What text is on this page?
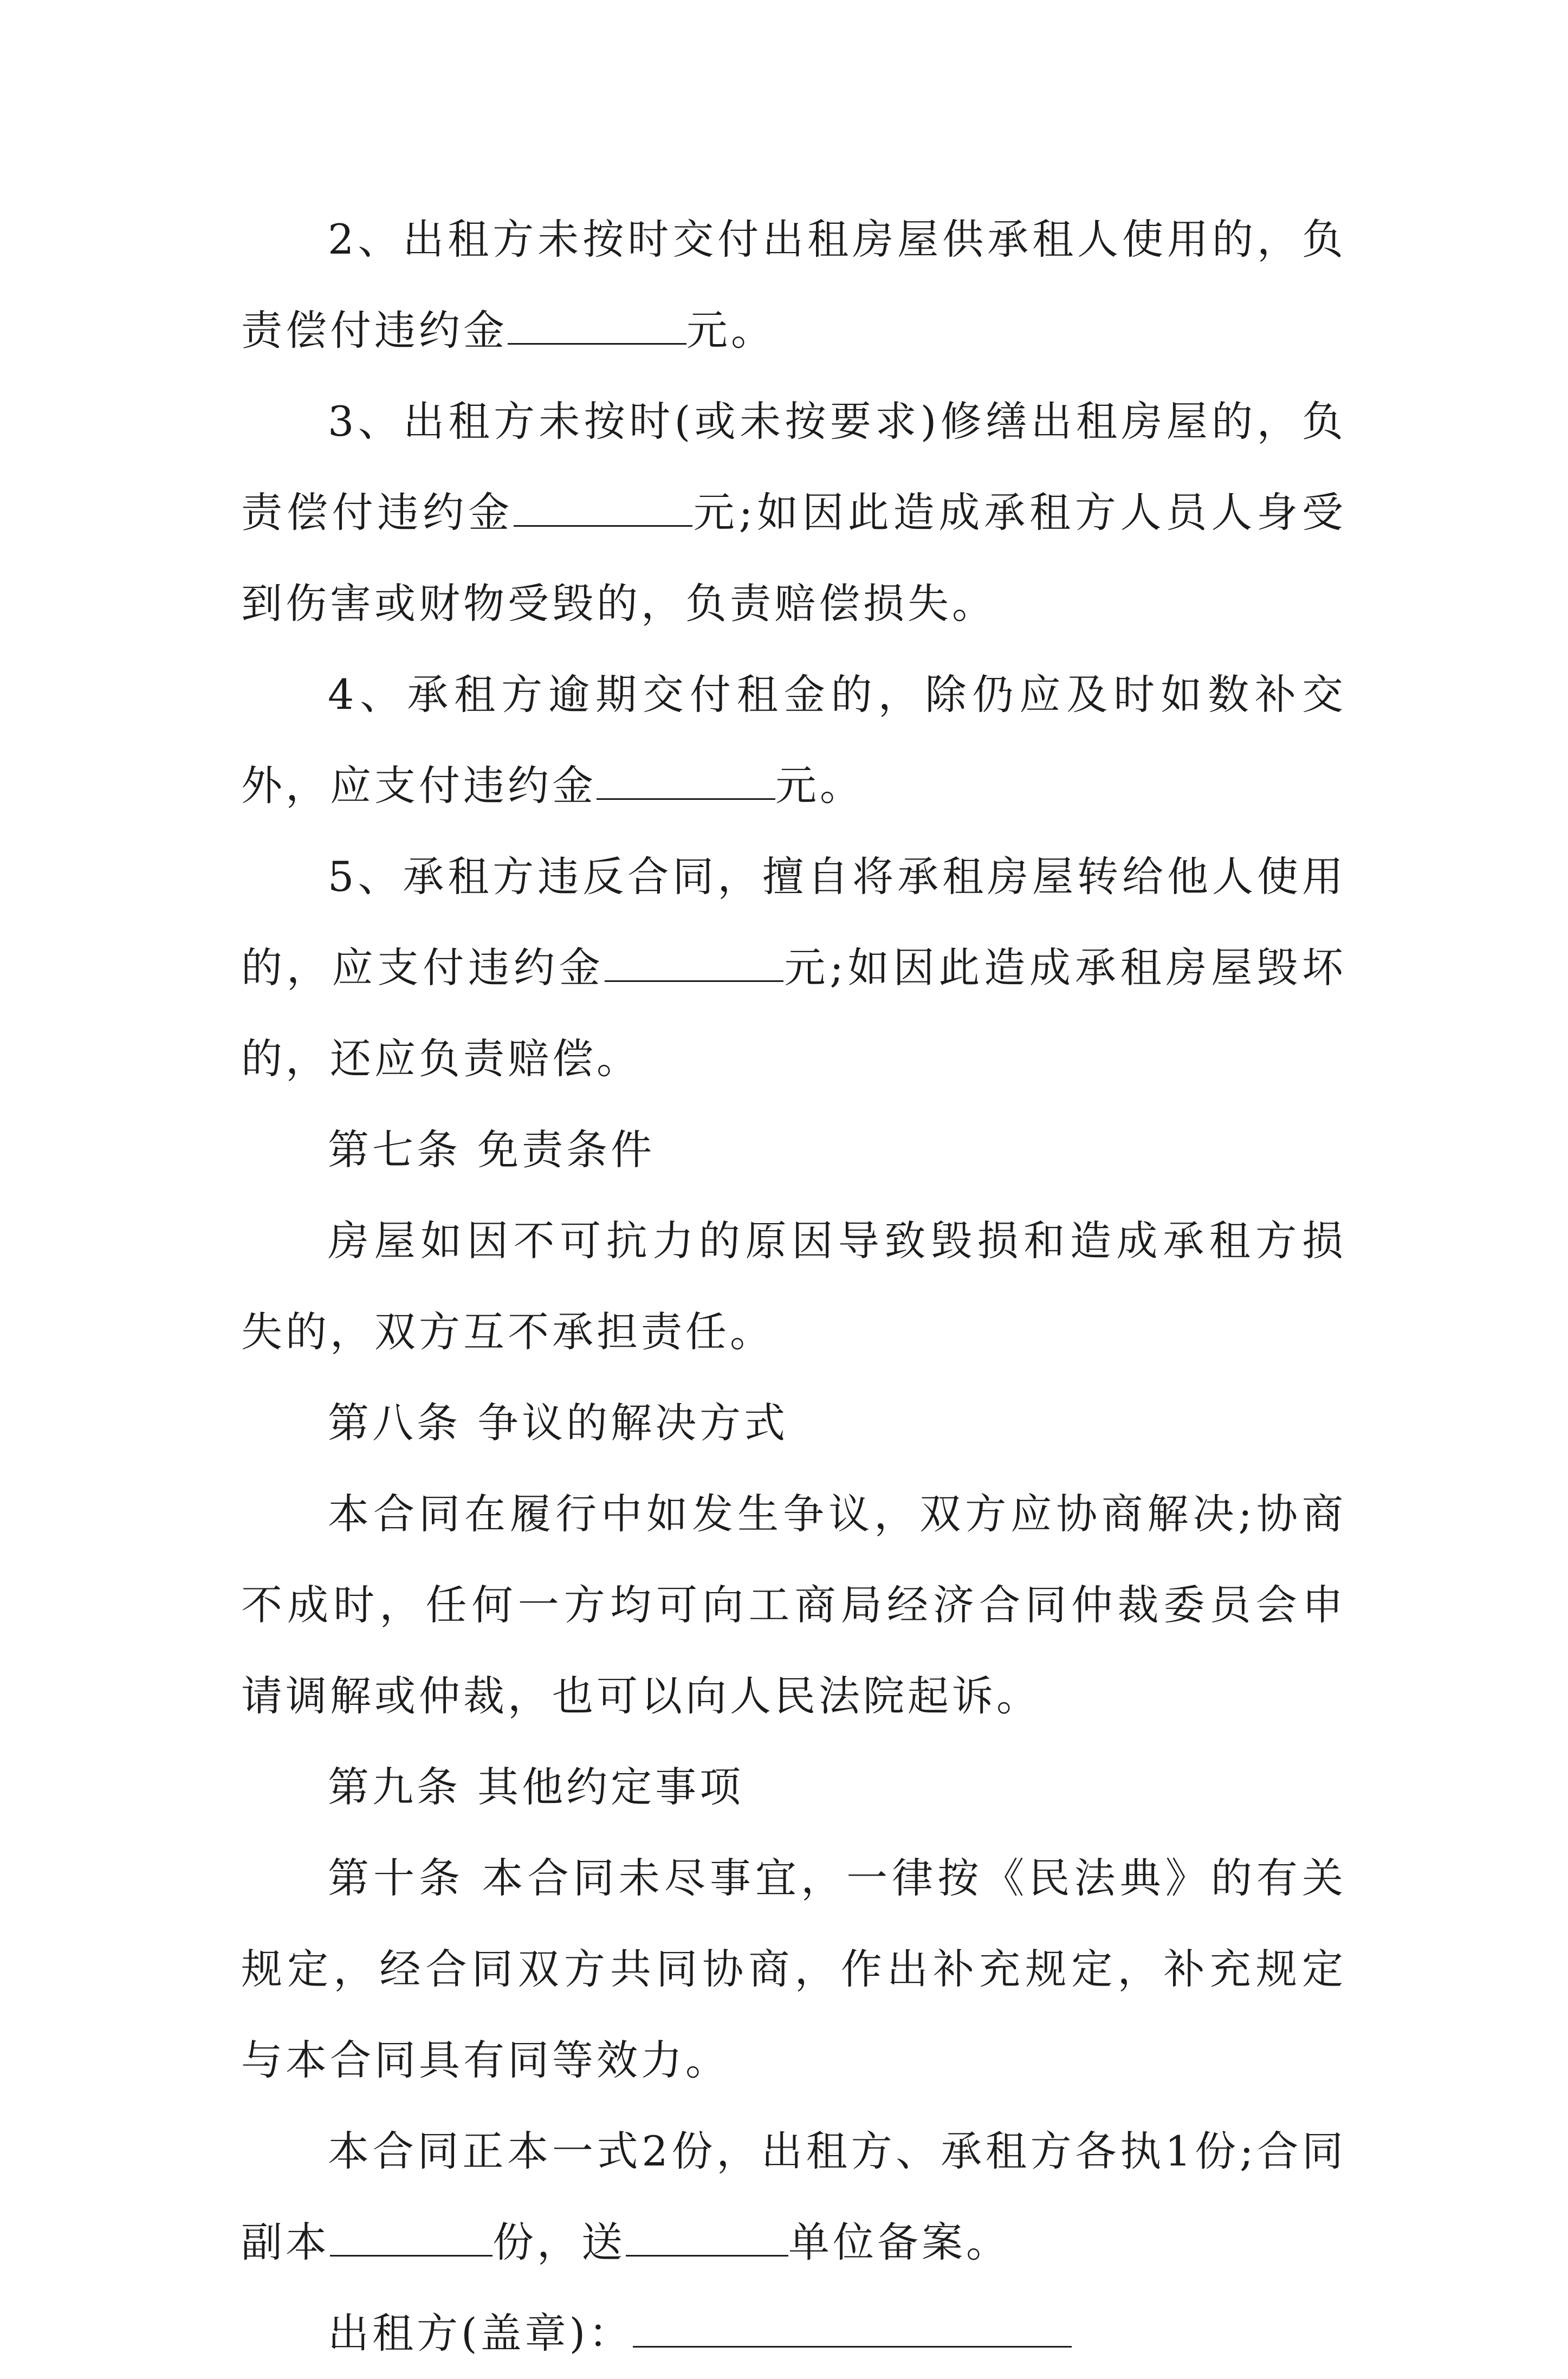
2、出租方未按时交付出租房屋供承租人使用的，负责偿付违约金	元。

3、出租方未按时(或未按要求)修缮出租房屋的，负责偿付违约金	元;如因此造成承租方人员人身受到伤害或财物受毁的，负责赔偿损失。

4、承租方逾期交付租金的，除仍应及时如数补交外，应支付违约金	元。

5、承租方违反合同，擅自将承租房屋转给他人使用的，应支付违约金	元;如因此造成承租房屋毁坏的，还应负责赔偿。

第七条 免责条件

房屋如因不可抗力的原因导致毁损和造成承租方损失的，双方互不承担责任。

第八条 争议的解决方式

本合同在履行中如发生争议，双方应协商解决;协商不成时，任何一方均可向工商局经济合同仲裁委员会申请调解或仲裁，也可以向人民法院起诉。

第九条 其他约定事项

第十条 本合同未尽事宜，一律按《民法典》的有关规定，经合同双方共同协商，作出补充规定，补充规定与本合同具有同等效力。

本合同正本一式2份，出租方、承租方各执1份;合同副本	份，送	单位备案。

出租方(盖章)：
